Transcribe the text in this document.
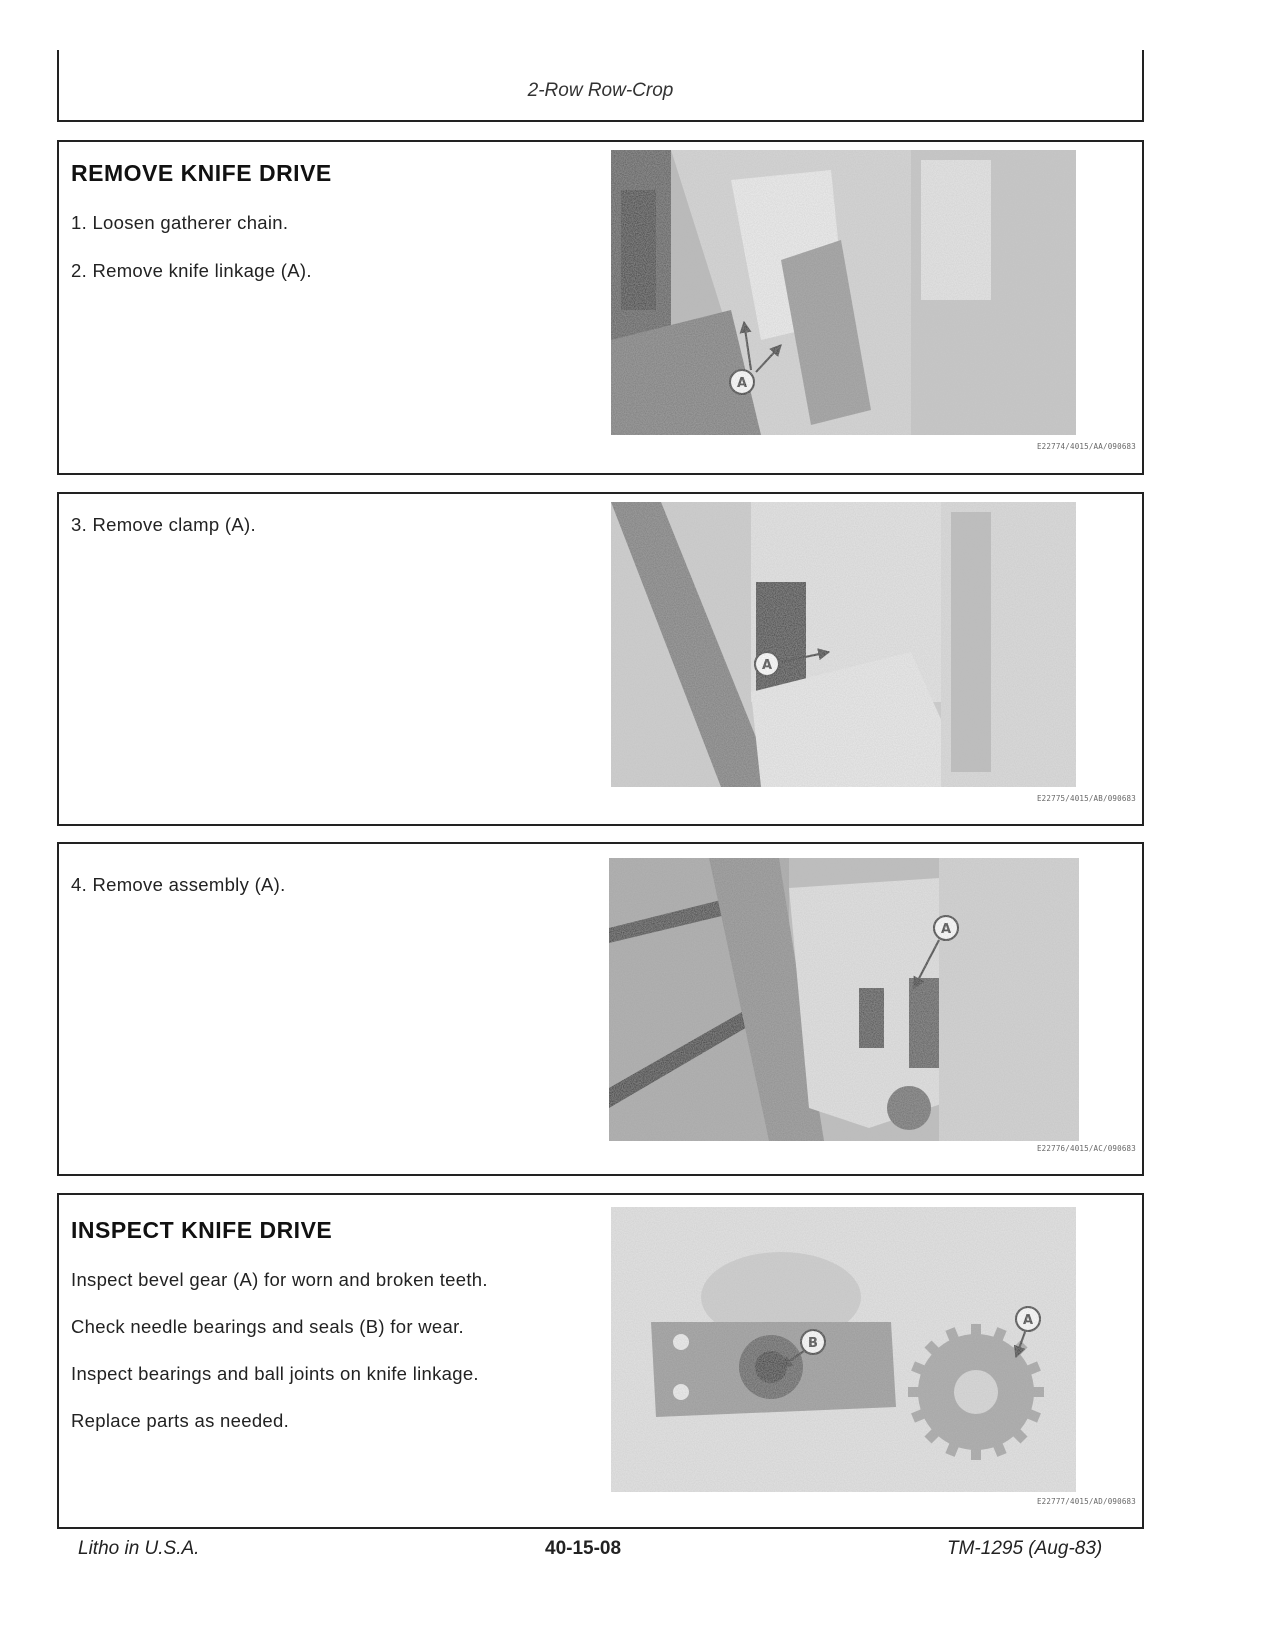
2-Row Row-Crop
REMOVE KNIFE DRIVE
1. Loosen gatherer chain.
2. Remove knife linkage (A).
A
E22774/4015/AA/090683
3. Remove clamp (A).
A
E22775/4015/AB/090683
4. Remove assembly (A).
A
E22776/4015/AC/090683
INSPECT KNIFE DRIVE
Inspect bevel gear (A) for worn and broken teeth.
Check needle bearings and seals (B) for wear.
Inspect bearings and ball joints on knife linkage.
Replace parts as needed.
B
A
E22777/4015/AD/090683
Litho in U.S.A.	40-15-08	TM-1295 (Aug-83)
